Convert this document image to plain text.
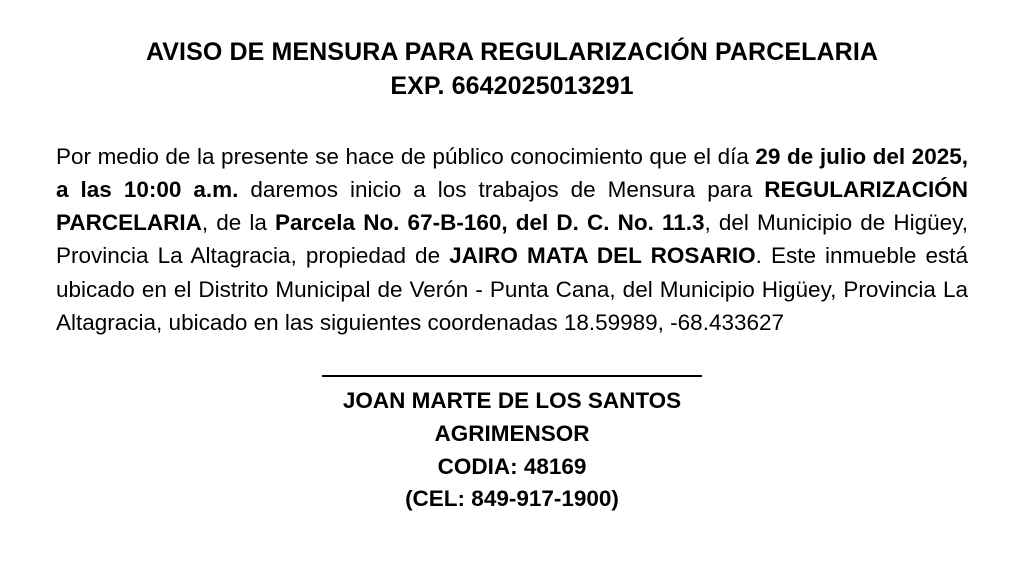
AVISO DE MENSURA PARA REGULARIZACIÓN PARCELARIA
EXP. 6642025013291

Por medio de la presente se hace de público conocimiento que el día 29 de julio del 2025, a las 10:00 a.m. daremos inicio a los trabajos de Mensura para REGULARIZACIÓN PARCELARIA, de la Parcela No. 67-B-160, del D. C. No. 11.3, del Municipio de Higüey, Provincia La Altagracia, propiedad de JAIRO MATA DEL ROSARIO. Este inmueble está ubicado en el Distrito Municipal de Verón - Punta Cana, del Municipio Higüey, Provincia La Altagracia, ubicado en las siguientes coordenadas 18.59989, -68.433627

JOAN MARTE DE LOS SANTOS
AGRIMENSOR
CODIA: 48169
(CEL: 849-917-1900)
